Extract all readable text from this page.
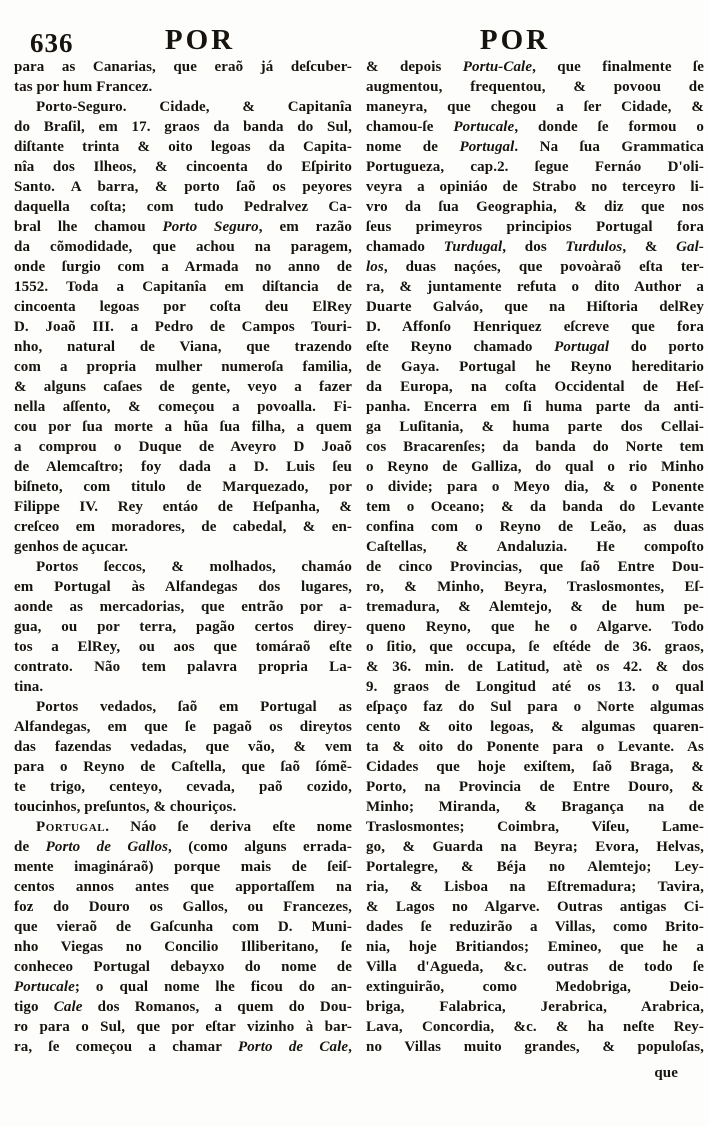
636	POR	POR
para as Canarias, que eraõ já deſcuber-
tas por hum Francez.
Porto-Seguro. Cidade, & Capitanîa
do Braſil, em 17. graos da banda do Sul,
diſtante trinta & oito legoas da Capita-
nîa dos Ilheos, & cincoenta do Eſpirito
Santo. A barra, & porto ſaõ os peyores
daquella coſta; com tudo Pedralvez Ca-
bral lhe chamou Porto Seguro, em razão
da cõmodidade, que achou na paragem,
onde ſurgio com a Armada no anno de
1552. Toda a Capitanîa em diſtancia de
cincoenta legoas por coſta deu ElRey
D. Joaõ III. a Pedro de Campos Touri-
nho, natural de Viana, que trazendo
com a propria mulher numeroſa familia,
& alguns caſaes de gente, veyo a fazer
nella aſſento, & começou a povoalla. Fi-
cou por ſua morte a hũa ſua filha, a quem
a comprou o Duque de Aveyro D Joaõ
de Alemcaſtro; foy dada a D. Luis ſeu
biſneto, com titulo de Marquezado, por
Filippe IV. Rey entáo de Heſpanha, &
creſceo em moradores, de cabedal, & en-
genhos de açucar.
Portos ſeccos, & molhados, chamáo
em Portugal às Alfandegas dos lugares,
aonde as mercadorias, que entrão por a-
gua, ou por terra, pagão certos direy-
tos a ElRey, ou aos que tomáraõ eſte
contrato. Não tem palavra propria La-
tina.
Portos vedados, ſaõ em Portugal as
Alfandegas, em que ſe pagaõ os direytos
das fazendas vedadas, que vão, & vem
para o Reyno de Caſtella, que ſaõ ſómẽ-
te trigo, centeyo, cevada, paõ cozido,
toucinhos, preſuntos, & chouriços.
Portugal. Náo ſe deriva eſte nome
de Porto de Gallos, (como alguns errada-
mente imagináraõ) porque mais de ſeiſ-
centos annos antes que apportaſſem na
foz do Douro os Gallos, ou Francezes,
que vieraõ de Gaſcunha com D. Muni-
nho Viegas no Concilio Illiberitano, ſe
conheceo Portugal debayxo do nome de
Portucale; o qual nome lhe ficou do an-
tigo Cale dos Romanos, a quem do Dou-
ro para o Sul, que por eſtar vizinho à bar-
ra, ſe começou a chamar Porto de Cale,
& depois Portu-Cale, que finalmente ſe
augmentou, frequentou, & povoou de
maneyra, que chegou a ſer Cidade, &
chamou-ſe Portucale, donde ſe formou o
nome de Portugal. Na ſua Grammatica
Portugueza, cap.2. ſegue Fernáo D'oli-
veyra a opiniáo de Strabo no terceyro li-
vro da ſua Geographia, & diz que nos
ſeus primeyros principios Portugal fora
chamado Turdugal, dos Turdulos, & Gal-
los, duas naçóes, que povoàraõ eſta ter-
ra, & juntamente refuta o dito Author a
Duarte Galváo, que na Hiſtoria delRey
D. Affonſo Henriquez eſcreve que fora
eſte Reyno chamado Portugal do porto
de Gaya. Portugal he Reyno hereditario
da Europa, na coſta Occidental de Heſ-
panha. Encerra em ſi huma parte da anti-
ga Luſitania, & huma parte dos Cellai-
cos Bracarenſes; da banda do Norte tem
o Reyno de Galliza, do qual o rio Minho
o divide; para o Meyo dia, & o Ponente
tem o Oceano; & da banda do Levante
confina com o Reyno de Leão, as duas
Caſtellas, & Andaluzia. He compoſto
de cinco Provincias, que ſaõ Entre Dou-
ro, & Minho, Beyra, Traslosmontes, Eſ-
tremadura, & Alemtejo, & de hum pe-
queno Reyno, que he o Algarve. Todo
o ſitio, que occupa, ſe eſtéde de 36. graos,
& 36. min. de Latitud, atè os 42. & dos
9. graos de Longitud até os 13. o qual
eſpaço faz do Sul para o Norte algumas
cento & oito legoas, & algumas quaren-
ta & oito do Ponente para o Levante. As
Cidades que hoje exiſtem, ſaõ Braga, &
Porto, na Provincia de Entre Douro, &
Minho; Miranda, & Bragança na de
Traslosmontes; Coimbra, Viſeu, Lame-
go, & Guarda na Beyra; Evora, Helvas,
Portalegre, & Béja no Alemtejo; Ley-
ria, & Lisboa na Eſtremadura; Tavira,
& Lagos no Algarve. Outras antigas Ci-
dades ſe reduzirão a Villas, como Brito-
nia, hoje Britiandos; Emineo, que he a
Villa d'Agueda, &c. outras de todo ſe
extinguirão, como Medobriga, Deio-
briga, Falabrica, Jerabrica, Arabrica,
Lava, Concordia, &c. & ha neſte Rey-
no Villas muito grandes, & populoſas,
que
